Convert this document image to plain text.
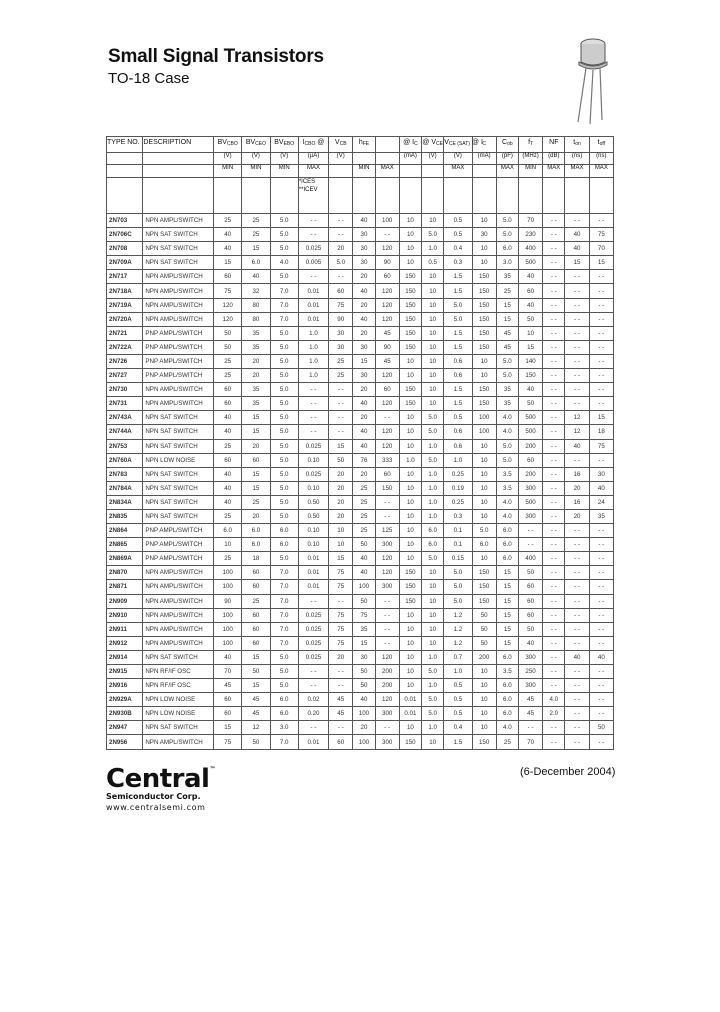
Small Signal Transistors
TO-18 Case
TYPE NO.	DESCRIPTION	$BV_{CBO}$	$BV_{CEO}$	$BV_{EBO}$	$I_{CBO}$ @	$V_{CB}$	$h_{FE}$		@ $I_C$	@ $V_{CE}$	$V_{CE (SAT)}$ @ I	$_C$	$C_{ob}$	$f_T$	NF	$t_{on}$	$t_{off}$
		(V)	(V)	(V)	(µA)	(V)			(mA)	(V)	(V)	(mA)	(pF)	(MHz)	(dB)	(ns)	(ns)
		MIN	MIN	MIN	MAX		MIN	MAX			MAX		MAX	MIN	MAX	MAX	MAX

					*ICES
**ICEV												

2N703	NPN AMPL/SWITCH	25	25	5.0	- -	- -	40	100	10	10	0.5	10	5.0	70	- -	- -	- -
2N706C	NPN SAT SWITCH	40	25	5.0	- -	- -	30	- -	10	5.0	0.5	30	5.0	230	- -	40	75
2N708	NPN SAT SWITCH	40	15	5.0	0.025	20	30	120	10	1.0	0.4	10	6.0	400	- -	40	70
2N709A	NPN SAT SWITCH	15	6.0	4.0	0.005	5.0	30	90	10	0.5	0.3	10	3.0	500	- -	15	15
2N717	NPN AMPL/SWITCH	60	40	5.0	- -	- -	20	60	150	10	1.5	150	35	40	- -	- -	- -
2N718A	NPN AMPL/SWITCH	75	32	7.0	0.01	60	40	120	150	10	1.5	150	25	60	- -	- -	- -
2N719A	NPN AMPL/SWITCH	120	80	7.0	0.01	75	20	120	150	10	5.0	150	15	40	- -	- -	- -
2N720A	NPN AMPL/SWITCH	120	80	7.0	0.01	90	40	120	150	10	5.0	150	15	50	- -	- -	- -
2N721	PNP AMPL/SWITCH	50	35	5.0	1.0	30	20	45	150	10	1.5	150	45	10	- -	- -	- -
2N722A	PNP AMPL/SWITCH	50	35	5.0	1.0	30	30	90	150	10	1.5	150	45	15	- -	- -	- -
2N726	PNP AMPL/SWITCH	25	20	5.0	1.0	25	15	45	10	10	0.6	10	5.0	140	- -	- -	- -
2N727	PNP AMPL/SWITCH	25	20	5.0	1.0	25	30	120	10	10	0.6	10	5.0	150	- -	- -	- -
2N730	NPN AMPL/SWITCH	60	35	5.0	- -	- -	20	60	150	10	1.5	150	35	40	- -	- -	- -
2N731	NPN AMPL/SWITCH	60	35	5.0	- -	- -	40	120	150	10	1.5	150	35	50	- -	- -	- -
2N743A	NPN SAT SWITCH	40	15	5.0	- -	- -	20	- -	10	5.0	0.5	100	4.0	500	- -	12	15
2N744A	NPN SAT SWITCH	40	15	5.0	- -	- -	40	120	10	5.0	0.6	100	4.0	500	- -	12	18
2N753	NPN SAT SWITCH	25	20	5.0	0.025	15	40	120	10	1.0	0.6	10	5.0	200	- -	40	75
2N760A	NPN LOW NOISE	60	60	5.0	0.10	50	76	333	1.0	5.0	1.0	10	5.0	60	- -	- -	- -
2N783	NPN SAT SWITCH	40	15	5.0	0.025	20	20	60	10	1.0	0.25	10	3.5	200	- -	16	30
2N784A	NPN SAT SWITCH	40	15	5.0	0.10	20	25	150	10	1.0	0.19	10	3.5	300	- -	20	40
2N834A	NPN SAT SWITCH	40	25	5.0	0.50	20	25	- -	10	1.0	0.25	10	4.0	500	- -	16	24
2N835	NPN SAT SWITCH	25	20	5.0	0.50	20	25	- -	10	1.0	0.3	10	4.0	300	- -	20	35
2N864	PNP AMPL/SWITCH	6.0	6.0	6.0	0.10	10	25	125	10	6.0	0.1	5.0	6.0	- -	- -	- -	- -
2N865	PNP AMPL/SWITCH	10	6.0	6.0	0.10	10	50	300	10	6.0	0.1	6.0	6.0	- -	- -	- -	- -
2N869A	PNP AMPL/SWITCH	25	18	5.0	0.01	15	40	120	10	5.0	0.15	10	6.0	400	- -	- -	- -
2N870	NPN AMPL/SWITCH	100	60	7.0	0.01	75	40	120	150	10	5.0	150	15	50	- -	- -	- -
2N871	NPN AMPL/SWITCH	100	60	7.0	0.01	75	100	300	150	10	5.0	150	15	60	- -	- -	- -
2N909	NPN AMPL/SWITCH	90	25	7.0	- -	- -	50	- -	150	10	5.0	150	15	60	- -	- -	- -
2N910	NPN AMPL/SWITCH	100	60	7.0	0.025	75	75	- -	10	10	1.2	50	15	60	- -	- -	- -
2N911	NPN AMPL/SWITCH	100	60	7.0	0.025	75	35	- -	10	10	1.2	50	15	50	- -	- -	- -
2N912	NPN AMPL/SWITCH	100	60	7.0	0.025	75	15	- -	10	10	1.2	50	15	40	- -	- -	- -
2N914	NPN SAT SWITCH	40	15	5.0	0.025	20	30	120	10	1.0	0.7	200	6.0	300	- -	40	40
2N915	NPN RF/IF OSC	70	50	5.0	- -	- -	50	200	10	5.0	1.0	10	3.5	250	- -	- -	- -
2N916	NPN RF/IF OSC	45	15	5.0	- -	- -	50	200	10	1.0	0.5	10	6.0	300	- -	- -	- -
2N929A	NPN LOW NOISE	60	45	6.0	0.02	45	40	120	0.01	5.0	0.5	10	6.0	45	4.0	- -	- -
2N930B	NPN LOW NOISE	60	45	6.0	0.20	45	100	300	0.01	5.0	0.5	10	6.0	45	2.0	- -	- -
2N947	NPN SAT SWITCH	15	12	3.0	- -	- -	20	- -	10	1.0	0.4	10	4.0	- -	- -	- -	50
2N956	NPN AMPL/SWITCH	75	50	7.0	0.01	60	100	300	150	10	1.5	150	25	70	- -	- -	- -
Central™
Semiconductor Corp.
www.centralsemi.com
(6-December 2004)
